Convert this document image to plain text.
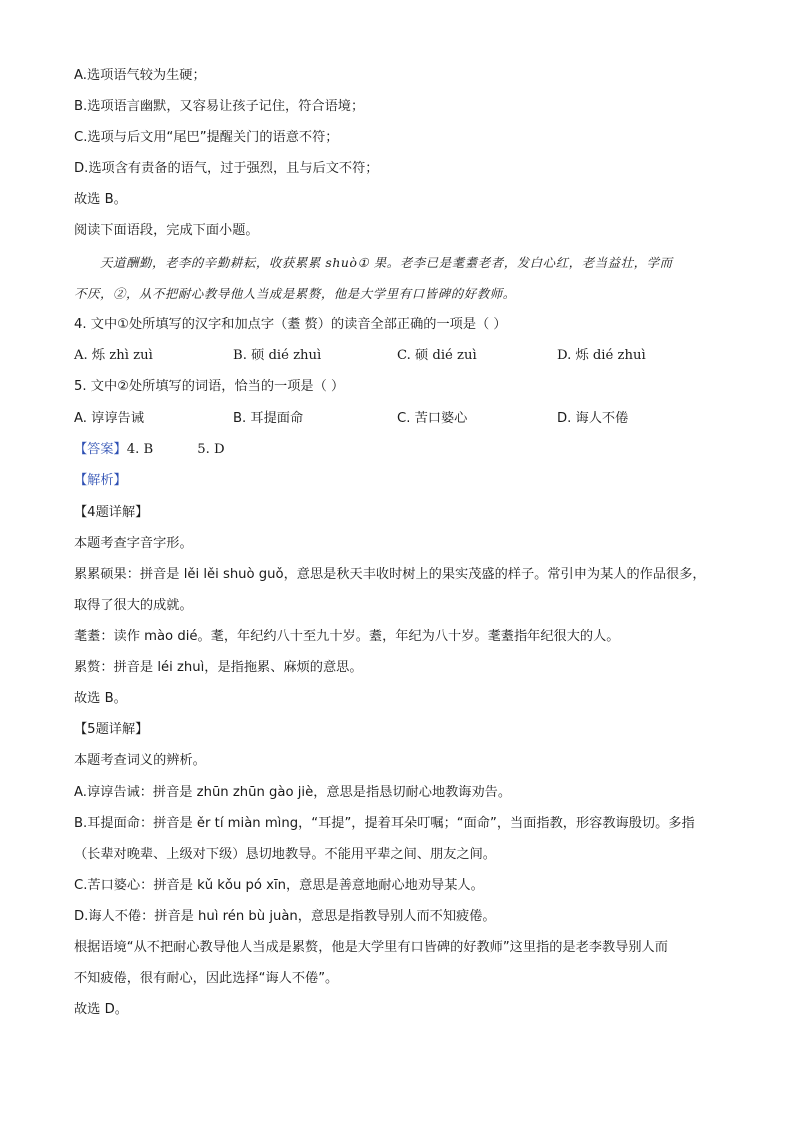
A.选项语气较为生硬；
B.选项语言幽默，又容易让孩子记住，符合语境；
C.选项与后文用“尾巴”提醒关门的语意不符；
D.选项含有责备的语气，过于强烈，且与后文不符；
故选 B。
阅读下面语段，完成下面小题。
天道酬勤，老李的辛勤耕耘，收获累累 shuò① 果。老李已是耄耋老者，发白心红，老当益壮，学而
不厌，②，从不把耐心教导他人当成是累赘，他是大学里有口皆碑的好教师。
4. 文中①处所填写的汉字和加点字（耋 赘）的读音全部正确的一项是（ ）
A. 烁 zhì zuì	B. 硕 dié zhuì	C. 硕 dié zuì	D. 烁 dié zhuì
5. 文中②处所填写的词语，恰当的一项是（ ）
A. 谆谆告诫	B. 耳提面命	C. 苦口婆心	D. 诲人不倦
【答案】4. B	5. D
【解析】
【4题详解】
本题考查字音字形。
累累硕果：拼音是 lěi lěi shuò guǒ，意思是秋天丰收时树上的果实茂盛的样子。常引申为某人的作品很多，
取得了很大的成就。
耄耋：读作 mào dié。耄，年纪约八十至九十岁。耋，年纪为八十岁。耄耋指年纪很大的人。
累赘：拼音是 léi zhuì，是指拖累、麻烦的意思。
故选 B。
【5题详解】
本题考查词义的辨析。
A.谆谆告诫：拼音是 zhūn zhūn gào jiè，意思是指恳切耐心地教诲劝告。
B.耳提面命：拼音是 ěr tí miàn mìng，“耳提”，提着耳朵叮嘱；“面命”，当面指教，形容教诲殷切。多指
（长辈对晚辈、上级对下级）恳切地教导。不能用平辈之间、朋友之间。
C.苦口婆心：拼音是 kǔ kǒu pó xīn，意思是善意地耐心地劝导某人。
D.诲人不倦：拼音是 huì rén bù juàn，意思是指教导别人而不知疲倦。
根据语境“从不把耐心教导他人当成是累赘，他是大学里有口皆碑的好教师”这里指的是老李教导别人而
不知疲倦，很有耐心，因此选择“诲人不倦”。
故选 D。
